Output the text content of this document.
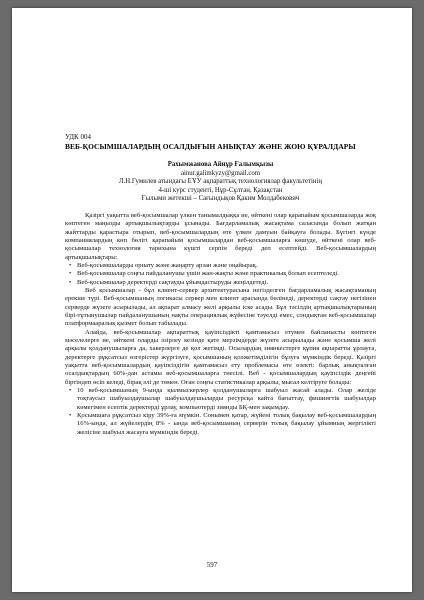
УДК 004
ВЕБ-ҚОСЫМШАЛАРДЫҢ ОСАЛДЫҒЫН АНЫҚТАУ ЖӘНЕ ЖОЮ ҚҰРАЛДАРЫ
Рахымжанова Айнұр Ғалымқызы
ainur.galimkyzy@gmail.com
Л.Н.Гумилев атындағы ЕҰУ ақпараттық технологиялар факультетінің
4-ші курс студенті, Нұр-Сұлтан, Қазақстан
Ғылыми жетекші – Сағындықов Қаким Молдабекович

Қазіргі уақытта веб-қосымшалар үлкен танымалдыққа ие, өйткені олар қарапайым қосымшаларда жоқ көптеген маңызды артықшылықтарды ұсынады. Бағдарламалық жасақтама саласында болып жатқан жайттарды қарастыра отырып, веб-қосымшалардың өте үлкен дамуын байқауға болады. Бүгінгі күнде компаниялардың көп бөлігі қарапайым қосымшалардан веб-қосымшаларға көшуде, өйткені олар веб-қосымшалар технология тарихына күшті серпін береді деп есептейді. Веб-қосымшалардың артықшылықтары:

• Веб-қосымшаларды орнату және жаңарту арзан және оңайырақ.

• Веб-қосымшалар соңғы пайдаланушы үшін жан-жақты және практикалық болып есептеледі.

• Веб-қосымшалар деректерді сақтауды ұйымдастыруды жеңілдетеді.

Веб қосымшалар - бұл клиент-сервер архитектурасына негізделген бағдарламалық жасақтаманың ерекше түрі. Веб-қосымшаның логикасы сервер мен клиент арасында бөлінеді, деректерді сақтау негізінен серверде жүзеге асырылады, ал ақпарат алмасу желі арқылы іске асады. Бұл тәсілдің артықшылықтарының бірі-тұтынушылар пайдаланушының нақты операциялық жүйесіне тәуелді емес, сондықтан веб-қосымшалар платформааралық қызмет болып табылады.

Алайда, веб-қосымшалар ақпараттық қауіпсіздікті қамтамасыз етумен байланысты көптеген мәселелерге ие, өйткені оларды әзірлеу кезінде қате мерзімдерде жүзеге асырылады және қосымша желі арқылы қолданушыларға да, хакерлерге де қол жетімді. Осылардың зиянкестерге құпия ақпаратты ұрлауға, деректерге рұқсатсыз өзгерістер жүргізуге, қосымшаның қолжетімділігін бұзуға мүмкіндік береді. Қазіргі уақытта веб-қосымшалардың қауіпсіздігін қамтамасыз ету проблемасы өте өзекті: барлық анықталған осалдықтардың 60%-дан астамы веб-қосымшаларға тиесілі. Веб - қосымшалардың қауіпсіздік деңгейі біртіндеп өсіп келеді, бірақ әлі де төмен. Оған соңғы статистикалар арқылы, мысал келтіруге болады:

• 10 веб-қосымшаның 9-ында қылмыскерлер қолданушыларға шабуыл жасай алады. Олар желіде тоқтаусыз шабуылдаушылар шабуылдаушыларды ресурсқа кайта бағыттау, фишингтік шабуылдар көмегімен есептік деректерді ұрлау, компьютерді зиянды БҚ-мен зақымдау.

• Қосымшаға рұқсатсыз кіру 39%-ға мүмкін. Сонымен қатар, жүйені толық бақылау веб-қосымшалардың 16%-ында, ал жүйелердің 8% - ында веб-қосымшаның серверін толық бақылау ұйымның жергілікті желісіне шабуыл жасауға мүмкіндік береді.

597
